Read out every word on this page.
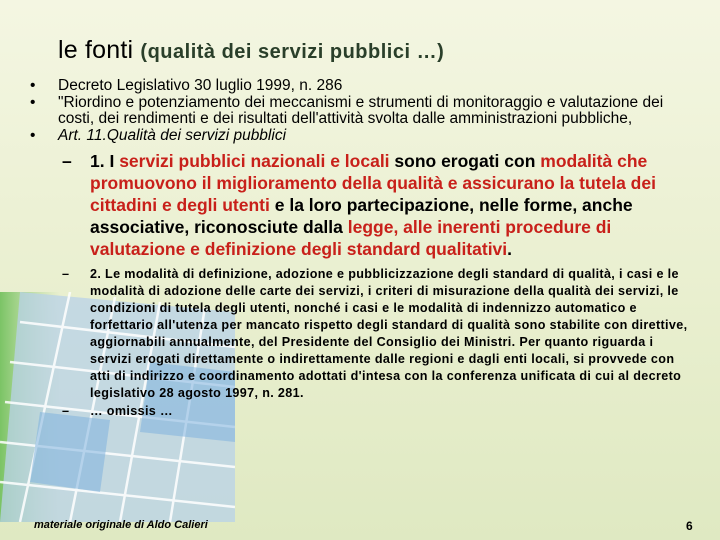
le fonti (qualità dei servizi pubblici …)
•	Decreto Legislativo 30 luglio 1999, n. 286
•	"Riordino e potenziamento dei meccanismi e strumenti di monitoraggio e valutazione dei costi, dei rendimenti e dei risultati dell'attività svolta dalle amministrazioni pubbliche,
•	Art. 11.Qualità dei servizi pubblici
–	1. I servizi pubblici nazionali e locali sono erogati con modalità che promuovono il miglioramento della qualità e assicurano la tutela dei cittadini e degli utenti e la loro partecipazione, nelle forme, anche associative, riconosciute dalla legge, alle inerenti procedure di valutazione e definizione degli standard qualitativi.
–	2. Le modalità di definizione, adozione e pubblicizzazione degli standard di qualità, i casi e le modalità di adozione delle carte dei servizi, i criteri di misurazione della qualità dei servizi, le condizioni di tutela degli utenti, nonché i casi e le modalità di indennizzo automatico e forfettario all'utenza per mancato rispetto degli standard di qualità sono stabilite con direttive, aggiornabili annualmente, del Presidente del Consiglio dei Ministri. Per quanto riguarda i servizi erogati direttamente o indirettamente dalle regioni e dagli enti locali, si provvede con atti di indirizzo e coordinamento adottati d'intesa con la conferenza unificata di cui al decreto legislativo 28 agosto 1997, n. 281.
–	… omissis …
materiale originale di Aldo Calieri	6
